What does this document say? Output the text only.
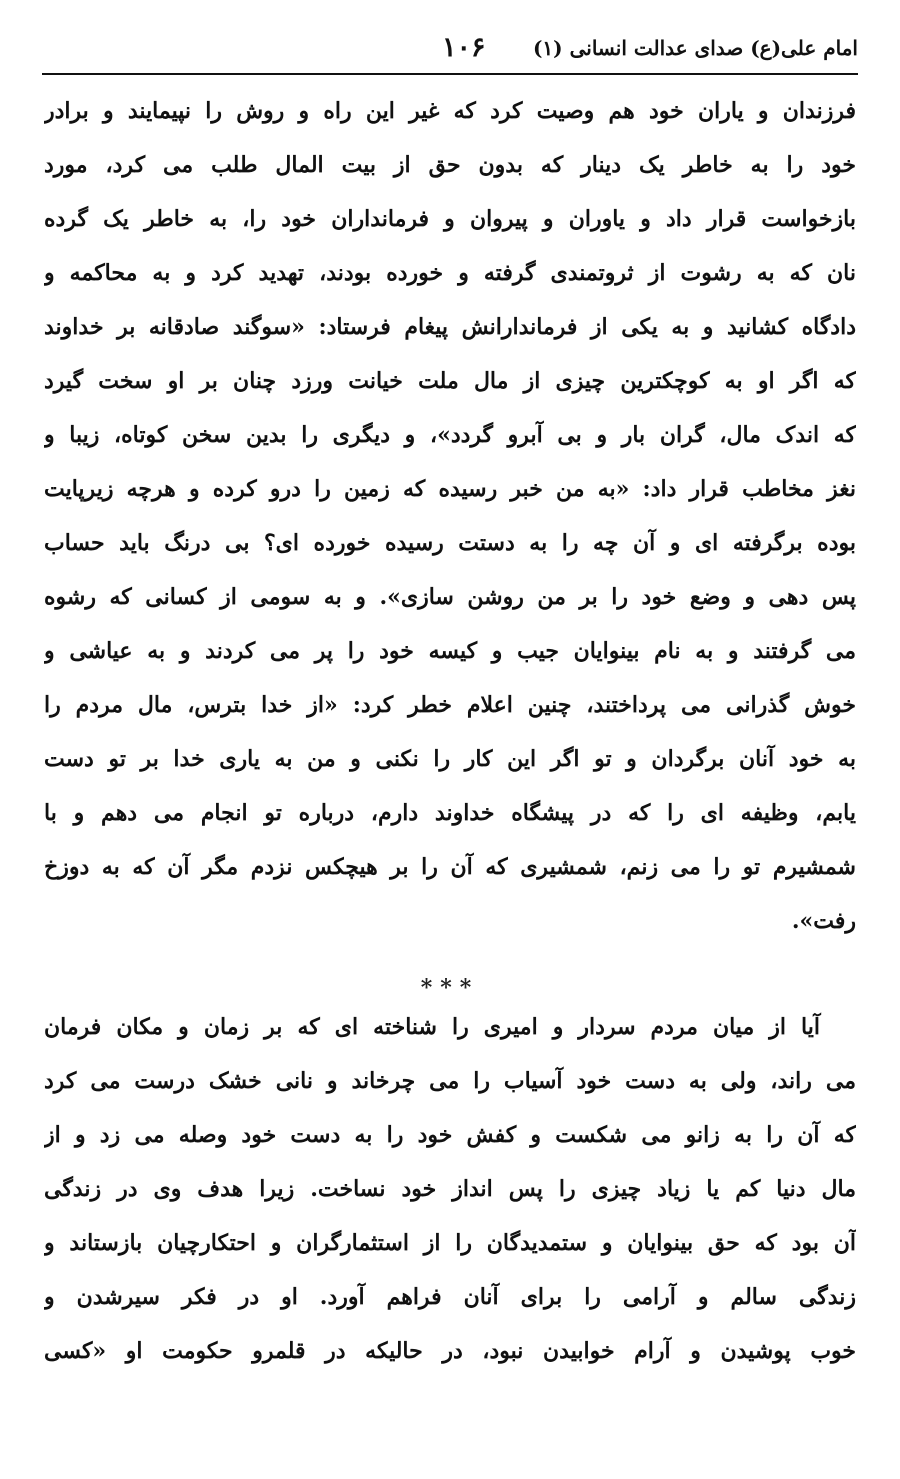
امام علی(ع) صدای عدالت انسانی (۱)
۱۰۶
فرزندان و یاران خود هم وصیت کرد که غیر این راه و روش را نپیمایند و برادر
خود را به خاطر یک دینار که بدون حق از بیت المال طلب می کرد، مورد
بازخواست قرار داد و یاوران و پیروان و فرمانداران خود را، به خاطر یک گرده
نان که به رشوت از ثروتمندی گرفته و خورده بودند، تهدید کرد و به محاکمه و
دادگاه کشانید و به یکی از فرماندارانش پیغام فرستاد: «سوگند صادقانه بر خداوند
که اگر او به کوچکترین چیزی از مال ملت خیانت ورزد چنان بر او سخت گیرد
که اندک مال، گران بار و بی آبرو گردد»، و دیگری را بدین سخن کوتاه، زیبا و
نغز مخاطب قرار داد: «به من خبر رسیده که زمین را درو کرده و هرچه زیرپایت
بوده برگرفته ای و آن چه را به دستت رسیده خورده ای؟ بی درنگ باید حساب
پس دهی و وضع خود را بر من روشن سازی». و به سومی از کسانی که رشوه
می گرفتند و به نام بینوایان جیب و کیسه خود را پر می کردند و به عیاشی و
خوش گذرانی می پرداختند، چنین اعلام خطر کرد: «از خدا بترس، مال مردم را
به خود آنان برگردان و تو اگر این کار را نکنی و من به یاری خدا بر تو دست
یابم، وظیفه ای را که در پیشگاه خداوند دارم، درباره تو انجام می دهم و با
شمشیرم تو را می زنم، شمشیری که آن را بر هیچکس نزدم مگر آن که به دوزخ
رفت».
***
آیا از میان مردم سردار و امیری را شناخته ای که بر زمان و مکان فرمان
می راند، ولی به دست خود آسیاب را می چرخاند و نانی خشک درست می کرد
که آن را به زانو می شکست و کفش خود را به دست خود وصله می زد و از
مال دنیا کم یا زیاد چیزی را پس انداز خود نساخت. زیرا هدف وی در زندگی
آن بود که حق بینوایان و ستمدیدگان را از استثمارگران و احتکارچیان بازستاند و
زندگی سالم و آرامی را برای آنان فراهم آورد. او در فکر سیرشدن و
خوب پوشیدن و آرام خوابیدن نبود، در حالیکه در قلمرو حکومت او «کسی
